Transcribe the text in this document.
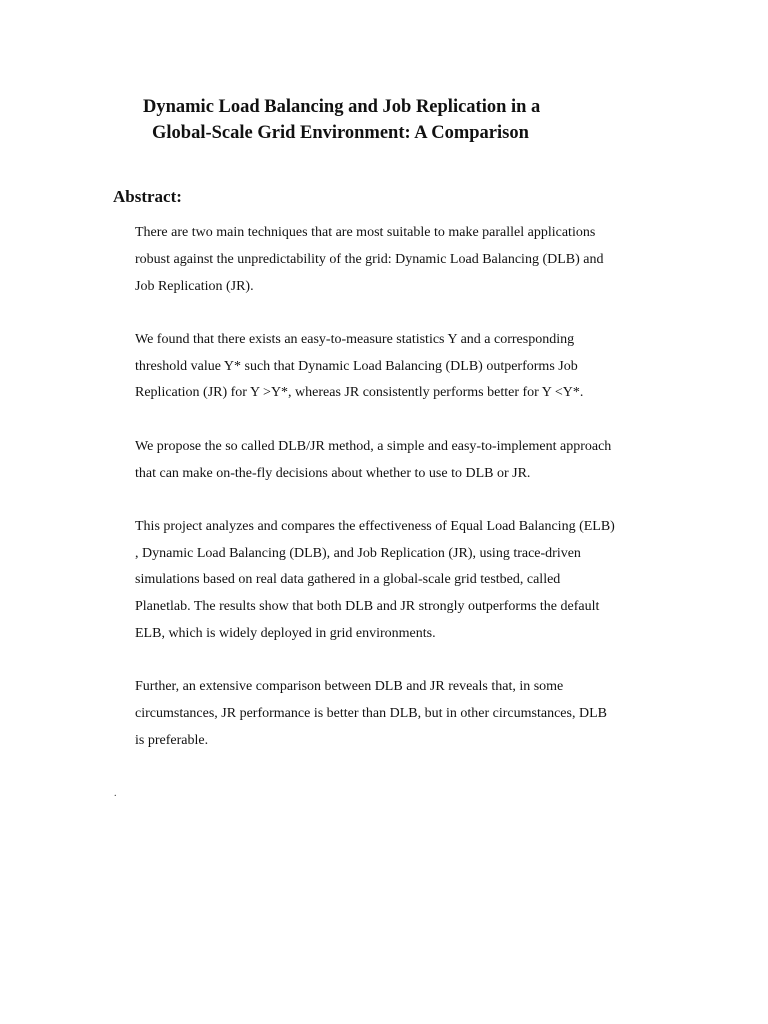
Dynamic Load Balancing and Job Replication in a
Global-Scale Grid Environment: A Comparison
Abstract:

There are two main techniques that are most suitable to make parallel applications
robust against the unpredictability of the grid: Dynamic Load Balancing (DLB) and
Job Replication (JR).

We found that there exists an easy-to-measure statistics Y and a corresponding
threshold value Y* such that Dynamic Load Balancing (DLB) outperforms Job
Replication (JR) for Y >Y*, whereas JR consistently performs better for Y <Y*.

We propose the so called DLB/JR method, a simple and easy-to-implement approach
that can make on-the-fly decisions about whether to use to DLB or JR.

This project analyzes and compares the effectiveness of Equal Load Balancing (ELB)
, Dynamic Load Balancing (DLB), and Job Replication (JR), using trace-driven
simulations based on real data gathered in a global-scale grid testbed, called
Planetlab. The results show that both DLB and JR strongly outperforms the default
ELB, which is widely deployed in grid environments.

Further, an extensive comparison between DLB and JR reveals that, in some
circumstances, JR performance is better than DLB, but in other circumstances, DLB
is preferable.

.
